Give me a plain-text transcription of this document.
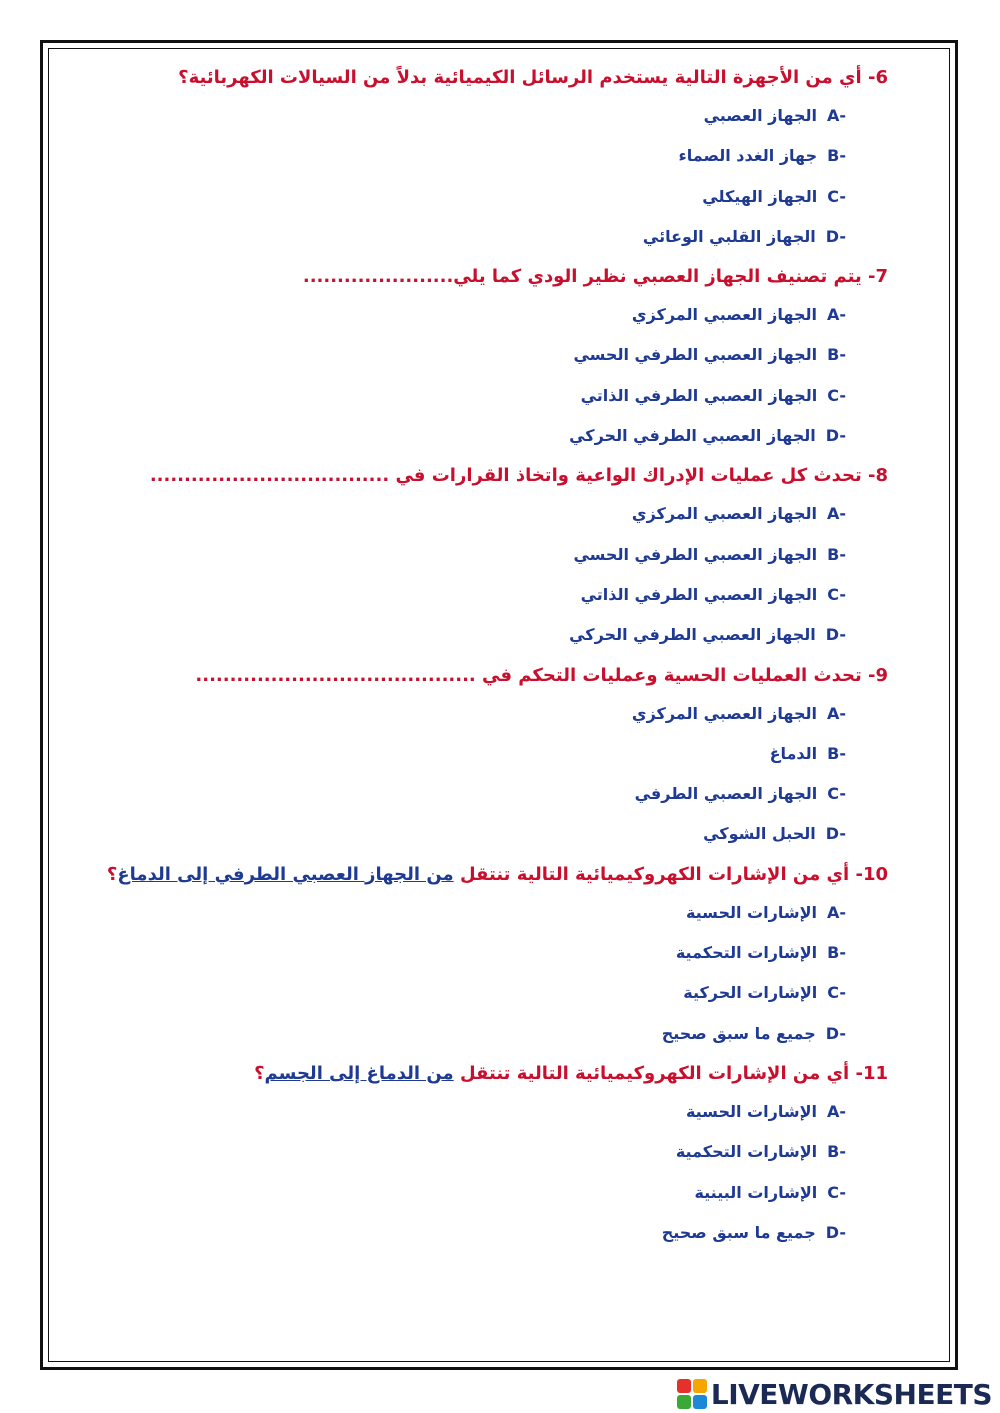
6- أي من الأجهزة التالية يستخدم الرسائل الكيميائية بدلاً من السيالات الكهربائية؟
A-الجهاز العصبي
B-جهاز الغدد الصماء
C-الجهاز الهيكلي
D-الجهاز القلبي الوعائي
7- يتم تصنيف الجهاز العصبي نظير الودي كما يلي......................
A-الجهاز العصبي المركزي
B-الجهاز العصبي الطرفي الحسي
C-الجهاز العصبي الطرفي الذاتي
D-الجهاز العصبي الطرفي الحركي
8- تحدث كل عمليات الإدراك الواعية واتخاذ القرارات في ...................................
A-الجهاز العصبي المركزي
B-الجهاز العصبي الطرفي الحسي
C-الجهاز العصبي الطرفي الذاتي
D-الجهاز العصبي الطرفي الحركي
9- تحدث العمليات الحسية وعمليات التحكم في .........................................
A-الجهاز العصبي المركزي
B-الدماغ
C-الجهاز العصبي الطرفي
D-الحبل الشوكي
10- أي من الإشارات الكهروكيميائية التالية تنتقل من الجهاز العصبي الطرفي إلى الدماغ؟
A-الإشارات الحسية
B-الإشارات التحكمية
C-الإشارات الحركية
D-جميع ما سبق صحيح
11- أي من الإشارات الكهروكيميائية التالية تنتقل من الدماغ إلى الجسم؟
A-الإشارات الحسية
B-الإشارات التحكمية
C-الإشارات البينية
D-جميع ما سبق صحيح
LIVEWORKSHEETS
